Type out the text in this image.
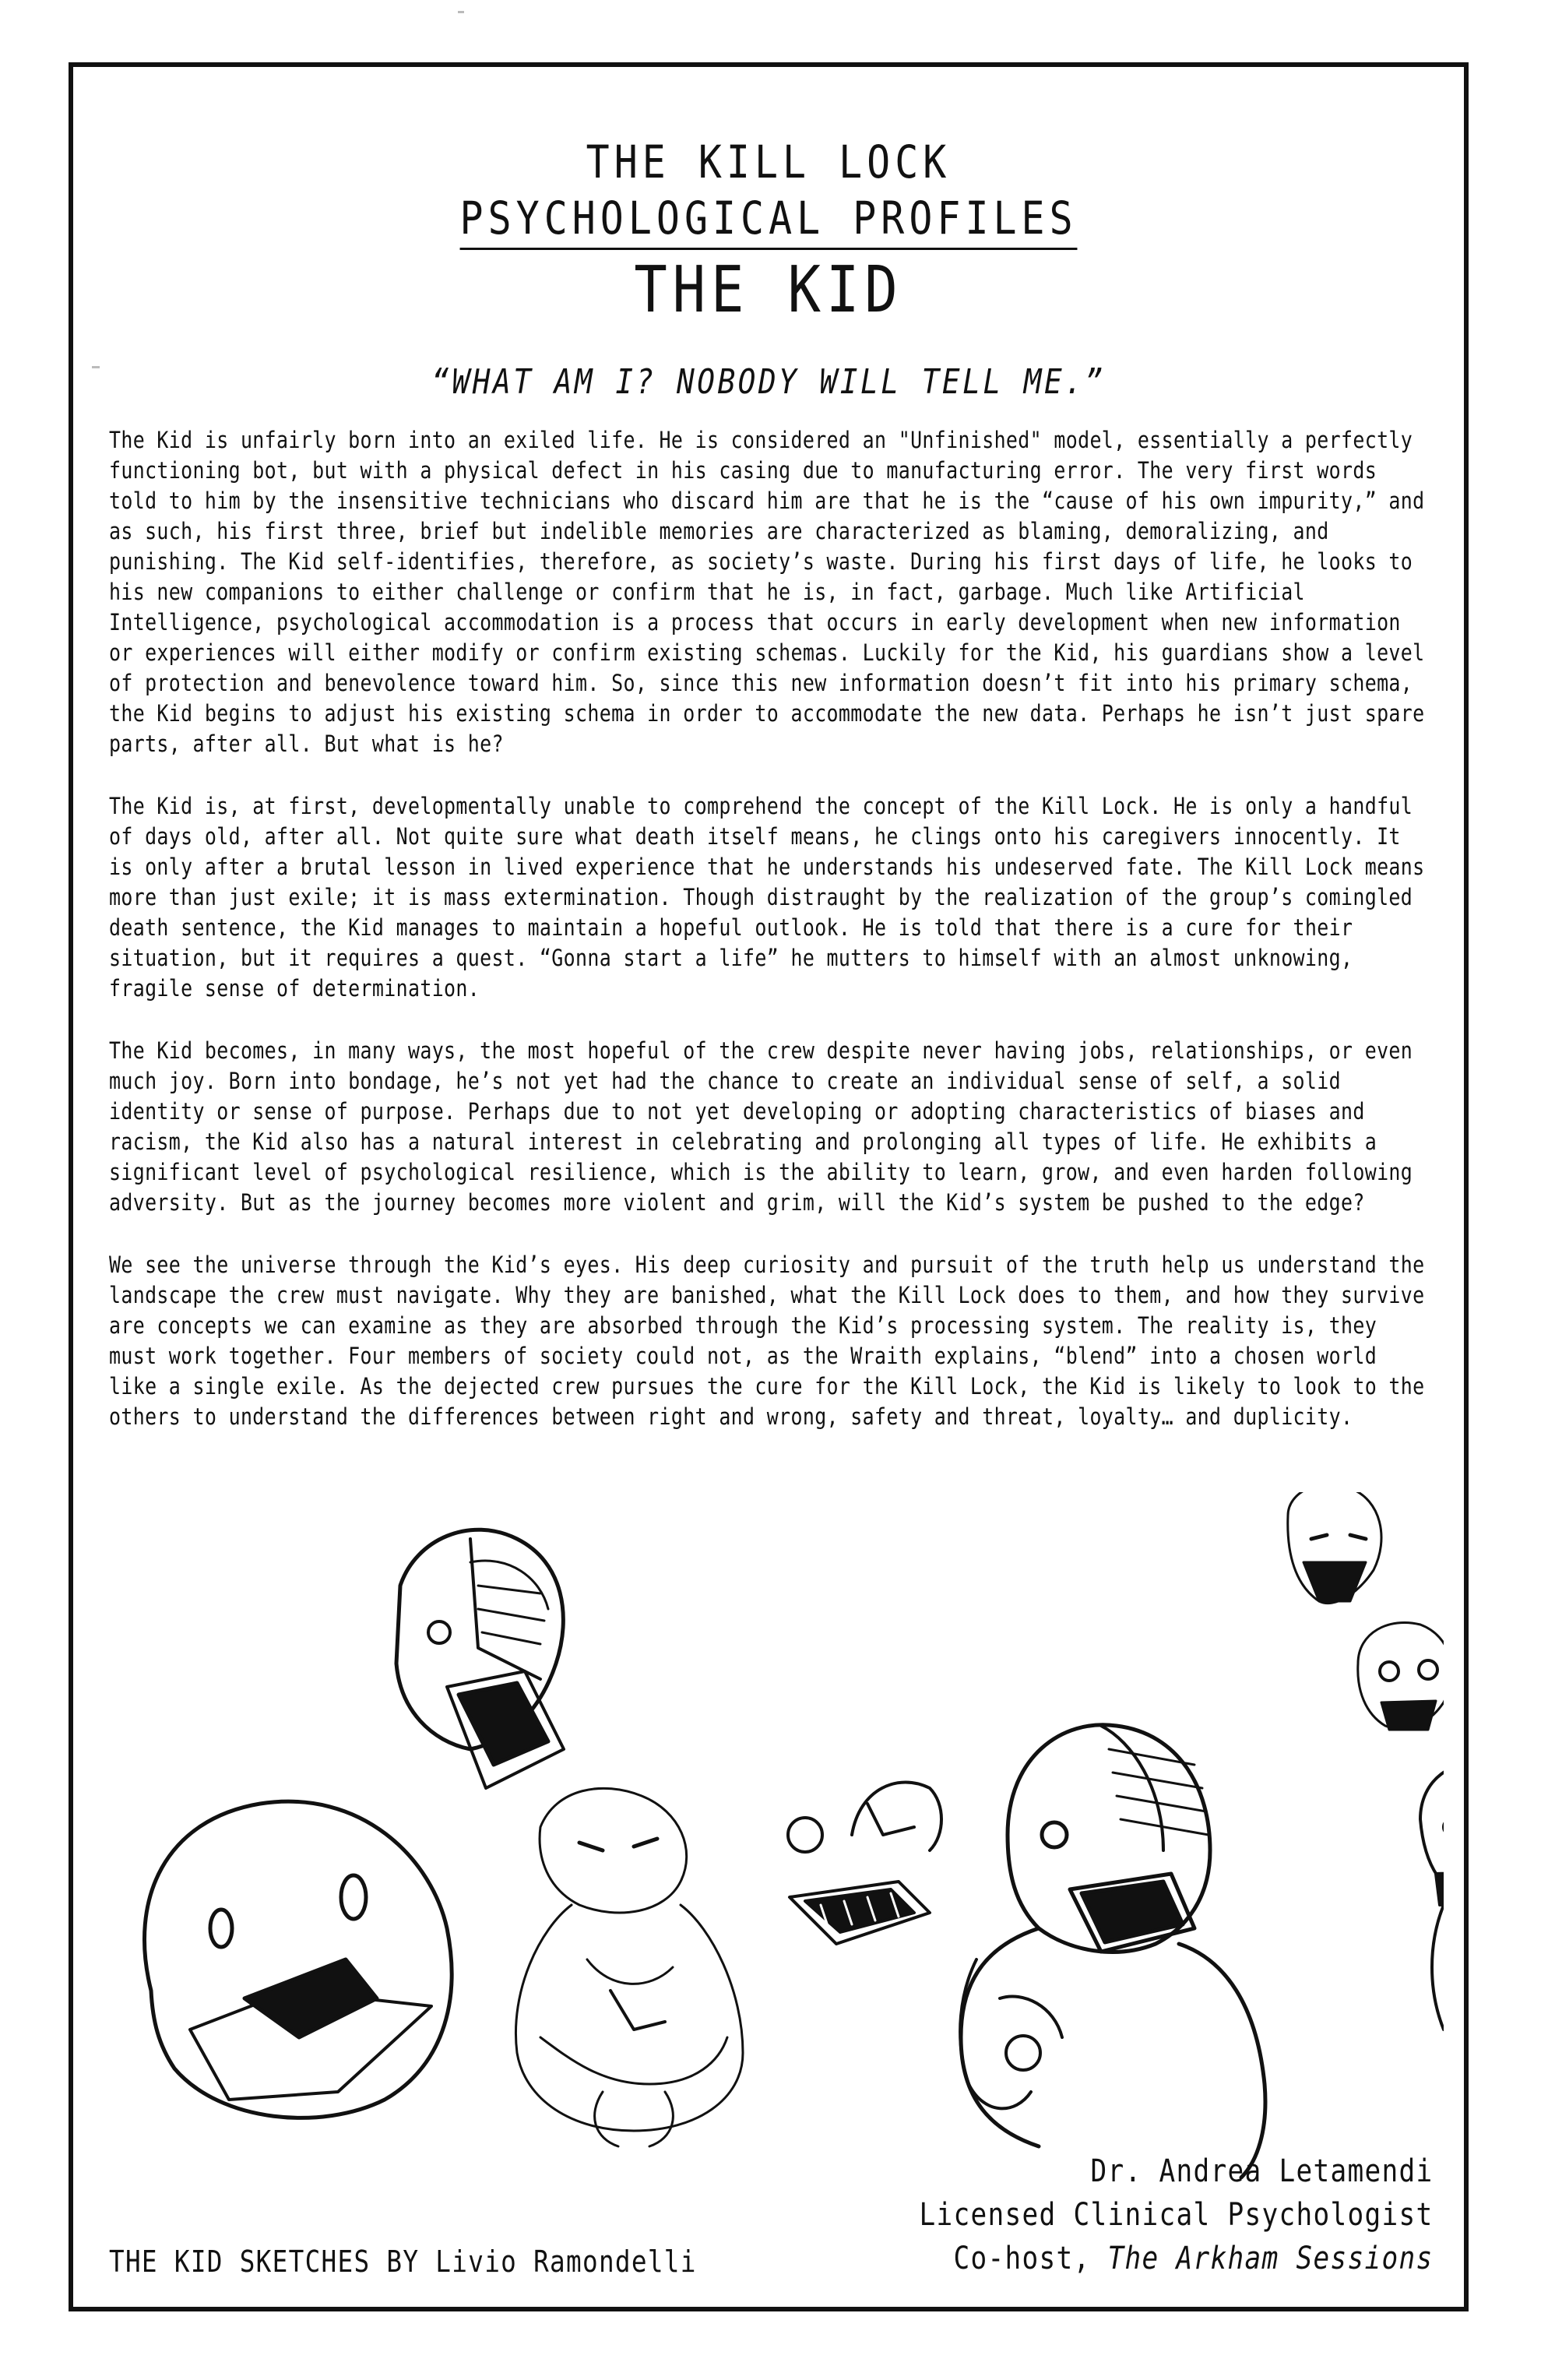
THE KILL LOCK
PSYCHOLOGICAL PROFILES
THE KID
“WHAT AM I? NOBODY WILL TELL ME.”

The Kid is unfairly born into an exiled life. He is considered an "Unfinished" model, essentially a perfectly functioning bot, but with a physical defect in his casing due to manufacturing error. The very first words told to him by the insensitive technicians who discard him are that he is the “cause of his own impurity,” and as such, his first three, brief but indelible memories are characterized as blaming, demoralizing, and punishing. The Kid self-identifies, therefore, as society’s waste. During his first days of life, he looks to his new companions to either challenge or confirm that he is, in fact, garbage. Much like Artificial Intelligence, psychological accommodation is a process that occurs in early development when new information or experiences will either modify or confirm existing schemas. Luckily for the Kid, his guardians show a level of protection and benevolence toward him. So, since this new information doesn’t fit into his primary schema, the Kid begins to adjust his existing schema in order to accommodate the new data. Perhaps he isn’t just spare parts, after all. But what is he?

The Kid is, at first, developmentally unable to comprehend the concept of the Kill Lock. He is only a handful of days old, after all. Not quite sure what death itself means, he clings onto his caregivers innocently. It is only after a brutal lesson in lived experience that he understands his undeserved fate. The Kill Lock means more than just exile; it is mass extermination. Though distraught by the realization of the group’s comingled death sentence, the Kid manages to maintain a hopeful outlook. He is told that there is a cure for their situation, but it requires a quest. “Gonna start a life” he mutters to himself with an almost unknowing, fragile sense of determination.

The Kid becomes, in many ways, the most hopeful of the crew despite never having jobs, relationships, or even much joy. Born into bondage, he’s not yet had the chance to create an individual sense of self, a solid identity or sense of purpose. Perhaps due to not yet developing or adopting characteristics of biases and racism, the Kid also has a natural interest in celebrating and prolonging all types of life. He exhibits a significant level of psychological resilience, which is the ability to learn, grow, and even harden following adversity. But as the journey becomes more violent and grim, will the Kid’s system be pushed to the edge?

We see the universe through the Kid’s eyes. His deep curiosity and pursuit of the truth help us understand the landscape the crew must navigate. Why they are banished, what the Kill Lock does to them, and how they survive are concepts we can examine as they are absorbed through the Kid’s processing system. The reality is, they must work together. Four members of society could not, as the Wraith explains, “blend” into a chosen world like a single exile. As the dejected crew pursues the cure for the Kill Lock, the Kid is likely to look to the others to understand the differences between right and wrong, safety and threat, loyalty… and duplicity.

THE KID SKETCHES BY Livio Ramondelli
Dr. Andrea Letamendi
Licensed Clinical Psychologist
Co-host, The Arkham Sessions
